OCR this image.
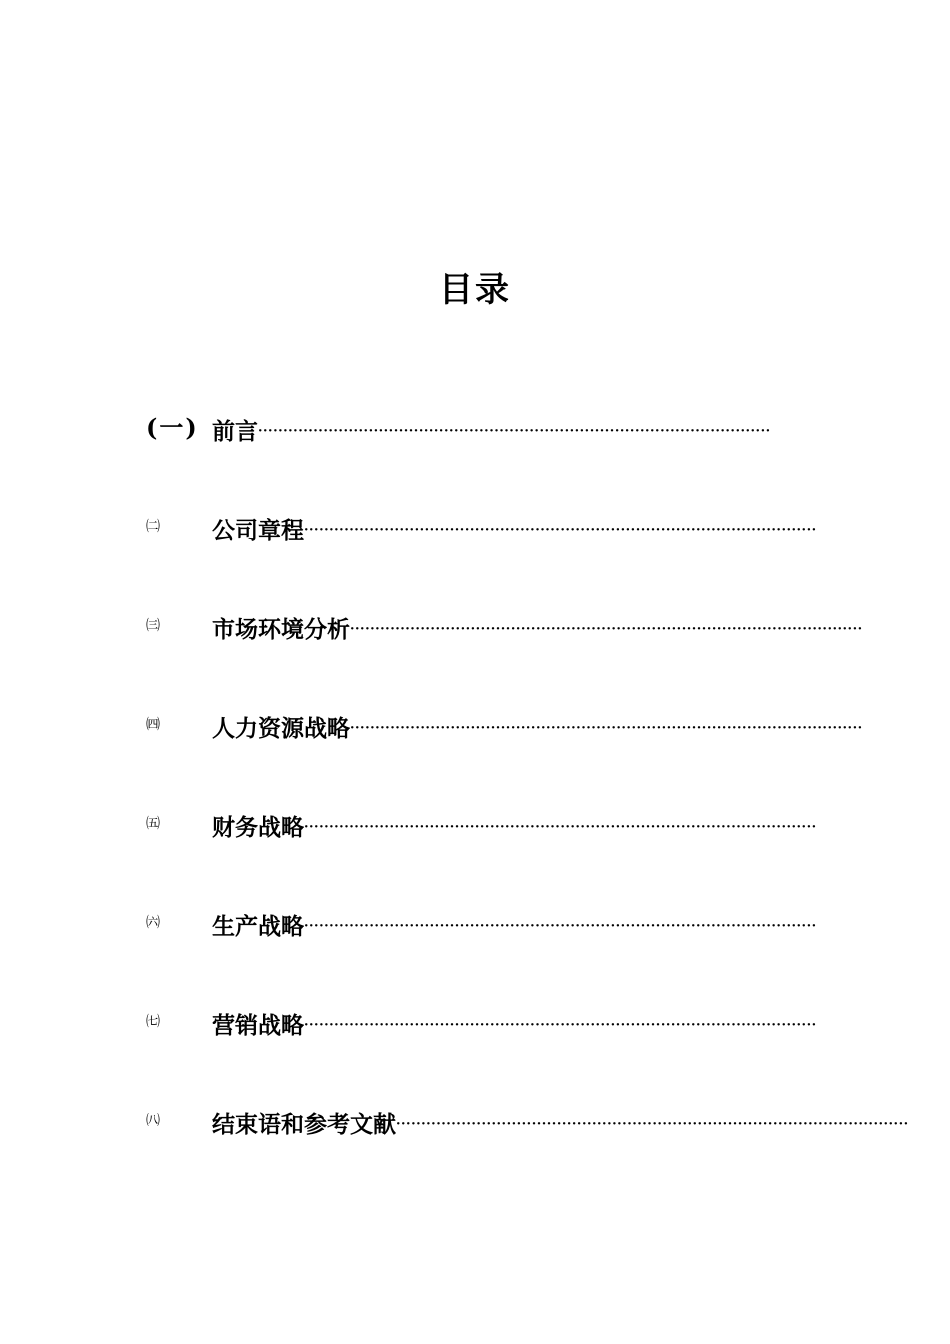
目录
(一) 前言 ······································································································
㈡	公司章程 ······································································································
㈢	市场环境分析 ······································································································
㈣	人力资源战略 ······································································································
㈤	财务战略 ······································································································
㈥	生产战略 ······································································································
㈦	营销战略 ······································································································
㈧	结束语和参考文献 ······································································································
